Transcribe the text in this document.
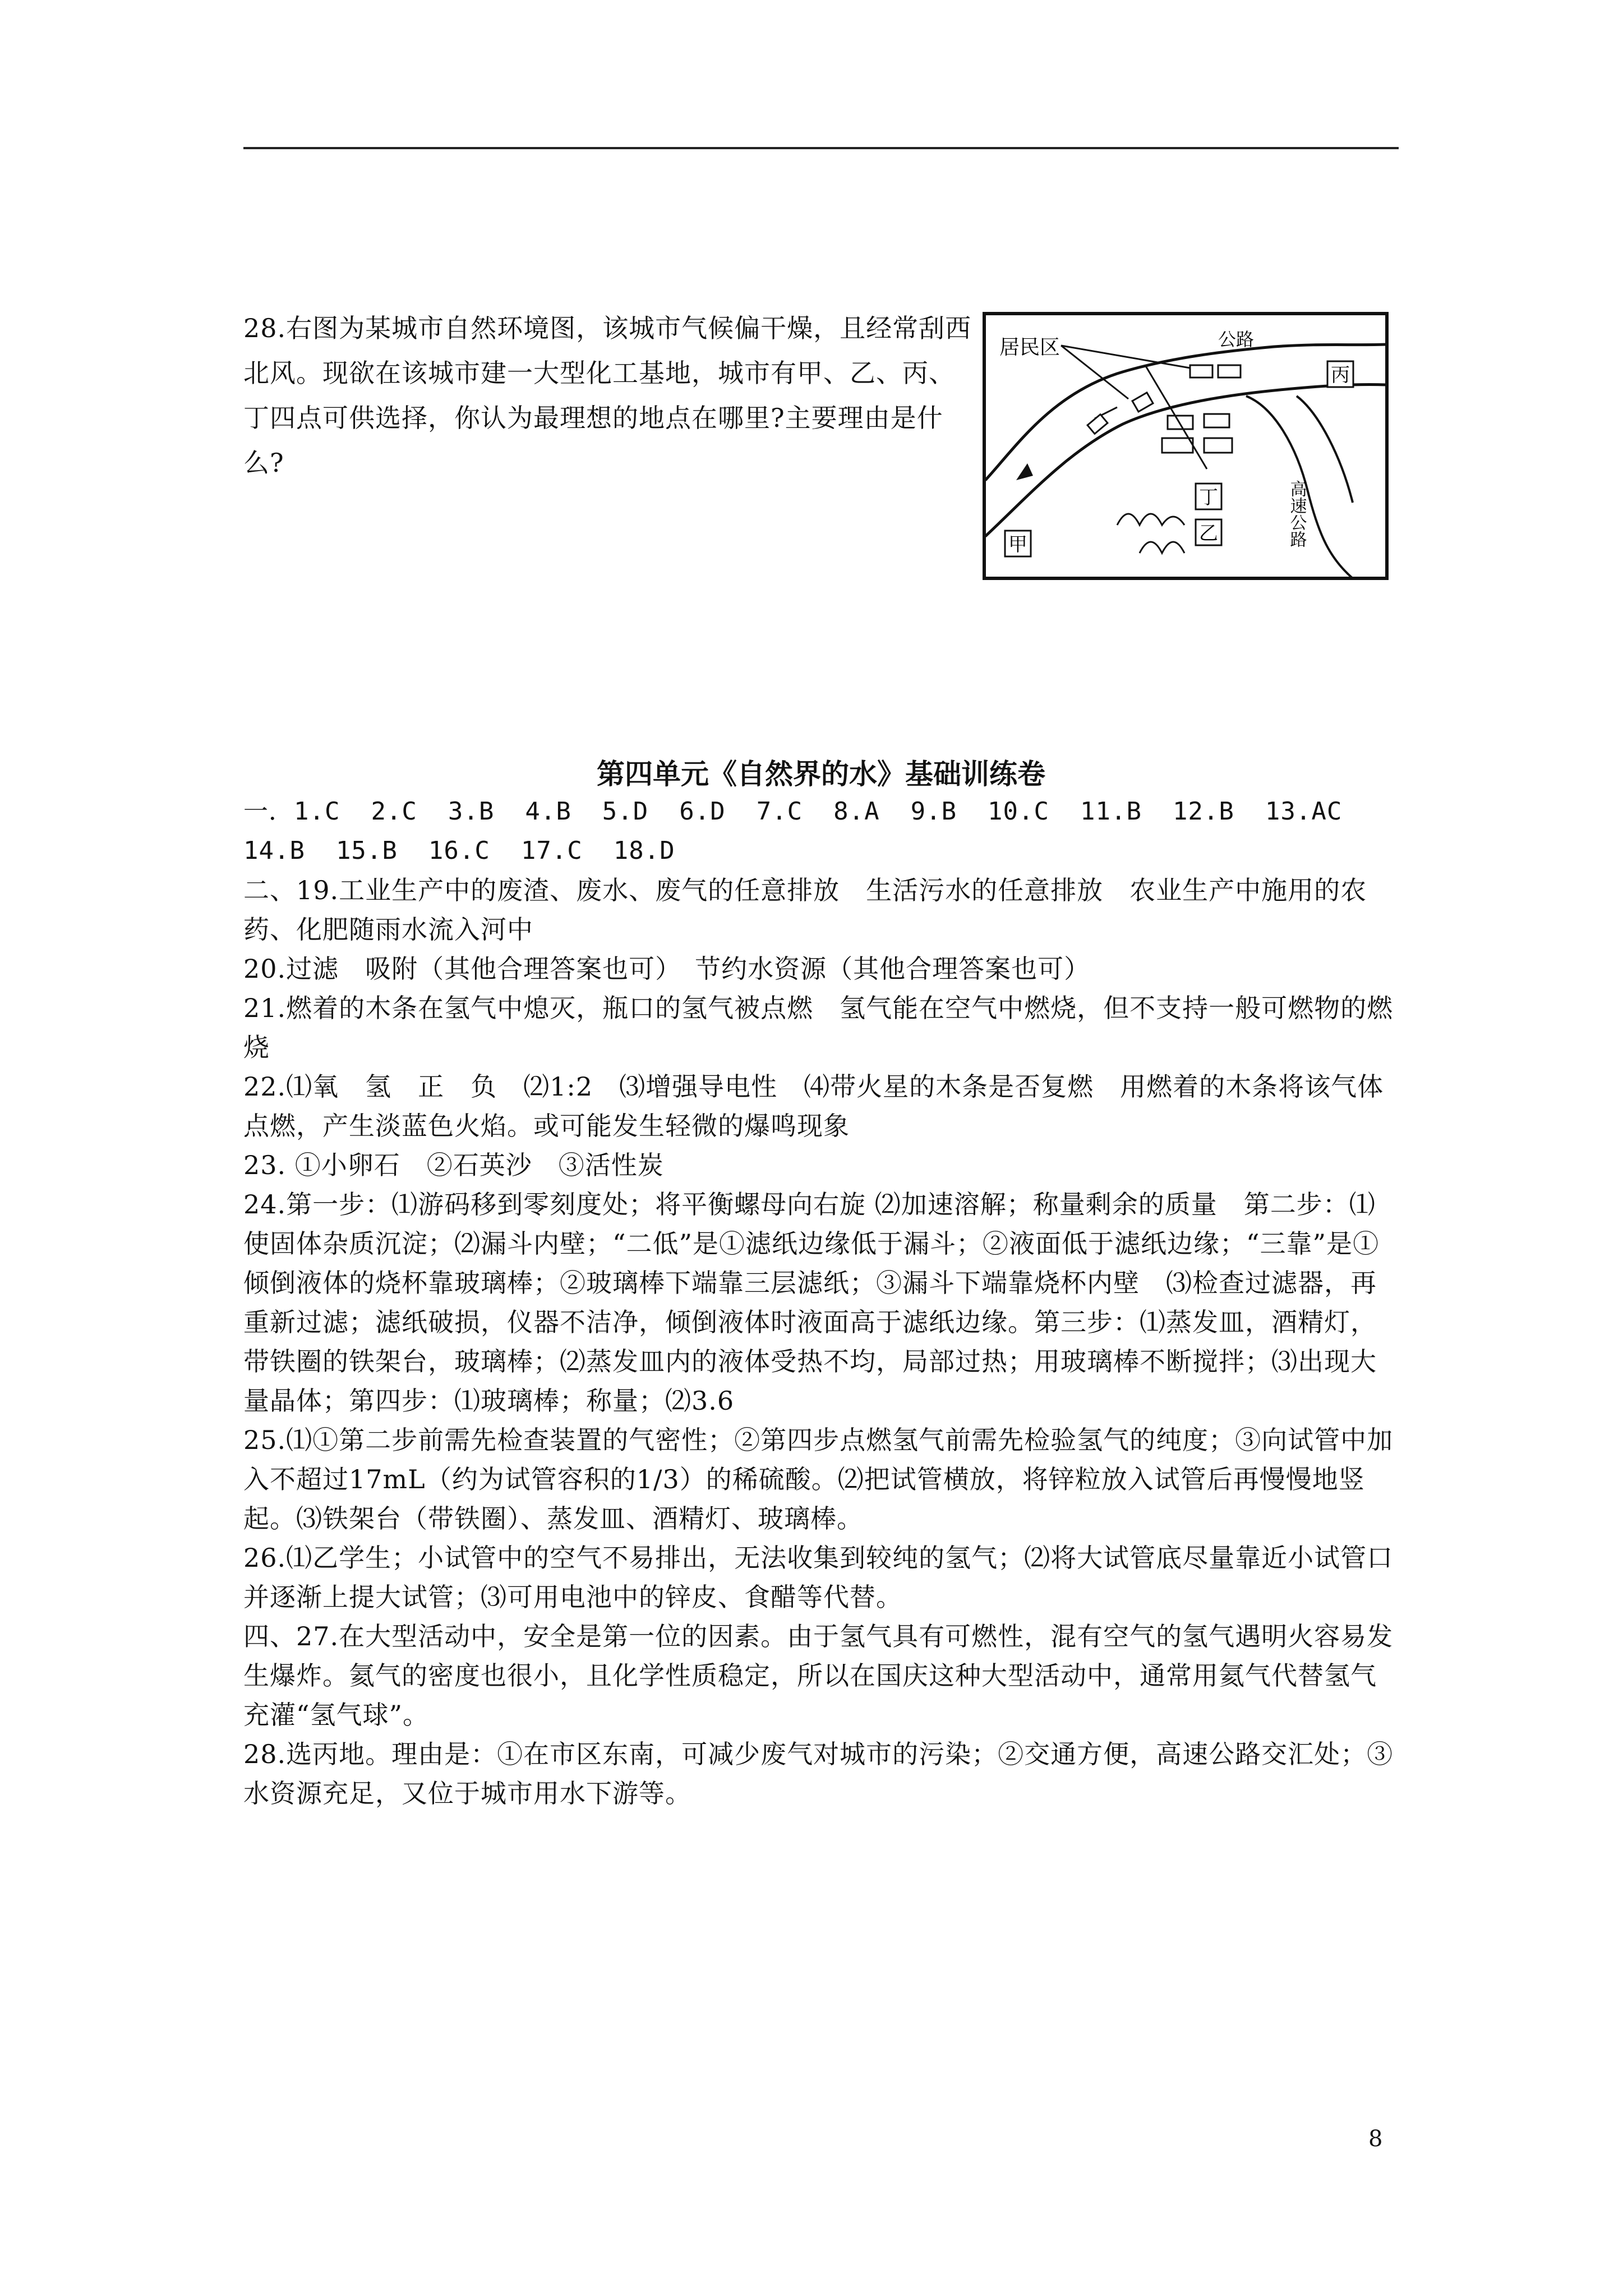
28.右图为某城市自然环境图，该城市气候偏干燥，且经常刮西北风。现欲在该城市建一大型化工基地，城市有甲、乙、丙、丁四点可供选择，你认为最理想的地点在哪里?主要理由是什么?
居民区	公路
高速公路
甲
丁
乙
丙
第四单元《自然界的水》基础训练卷

一．1.C  2.C  3.B  4.B  5.D  6.D  7.C  8.A  9.B  10.C  11.B  12.B  13.AC

14.B  15.B  16.C  17.C  18.D

二、19.工业生产中的废渣、废水、废气的任意排放　生活污水的任意排放　农业生产中施用的农药、化肥随雨水流入河中

20.过滤　吸附（其他合理答案也可）　节约水资源（其他合理答案也可）

21.燃着的木条在氢气中熄灭，瓶口的氢气被点燃　氢气能在空气中燃烧，但不支持一般可燃物的燃烧

22.⑴氧　氢　正　负　⑵1:2　⑶增强导电性　⑷带火星的木条是否复燃　用燃着的木条将该气体点燃，产生淡蓝色火焰。或可能发生轻微的爆鸣现象

23. ①小卵石　②石英沙　③活性炭

24.第一步：⑴游码移到零刻度处；将平衡螺母向右旋 ⑵加速溶解；称量剩余的质量　第二步：⑴使固体杂质沉淀；⑵漏斗内壁；“二低”是①滤纸边缘低于漏斗；②液面低于滤纸边缘；“三靠”是①倾倒液体的烧杯靠玻璃棒；②玻璃棒下端靠三层滤纸；③漏斗下端靠烧杯内壁　⑶检查过滤器，再重新过滤；滤纸破损，仪器不洁净，倾倒液体时液面高于滤纸边缘。第三步：⑴蒸发皿，酒精灯，带铁圈的铁架台，玻璃棒；⑵蒸发皿内的液体受热不均，局部过热；用玻璃棒不断搅拌；⑶出现大量晶体；第四步：⑴玻璃棒；称量；⑵3.6

25.⑴①第二步前需先检查装置的气密性；②第四步点燃氢气前需先检验氢气的纯度；③向试管中加入不超过17mL（约为试管容积的1/3）的稀硫酸。⑵把试管横放，将锌粒放入试管后再慢慢地竖起。⑶铁架台（带铁圈）、蒸发皿、酒精灯、玻璃棒。

26.⑴乙学生；小试管中的空气不易排出，无法收集到较纯的氢气；⑵将大试管底尽量靠近小试管口并逐渐上提大试管；⑶可用电池中的锌皮、食醋等代替。

四、27.在大型活动中，安全是第一位的因素。由于氢气具有可燃性，混有空气的氢气遇明火容易发生爆炸。氦气的密度也很小，且化学性质稳定，所以在国庆这种大型活动中，通常用氦气代替氢气充灌“氢气球”。

28.选丙地。理由是：①在市区东南，可减少废气对城市的污染；②交通方便，高速公路交汇处；③水资源充足，又位于城市用水下游等。

8
